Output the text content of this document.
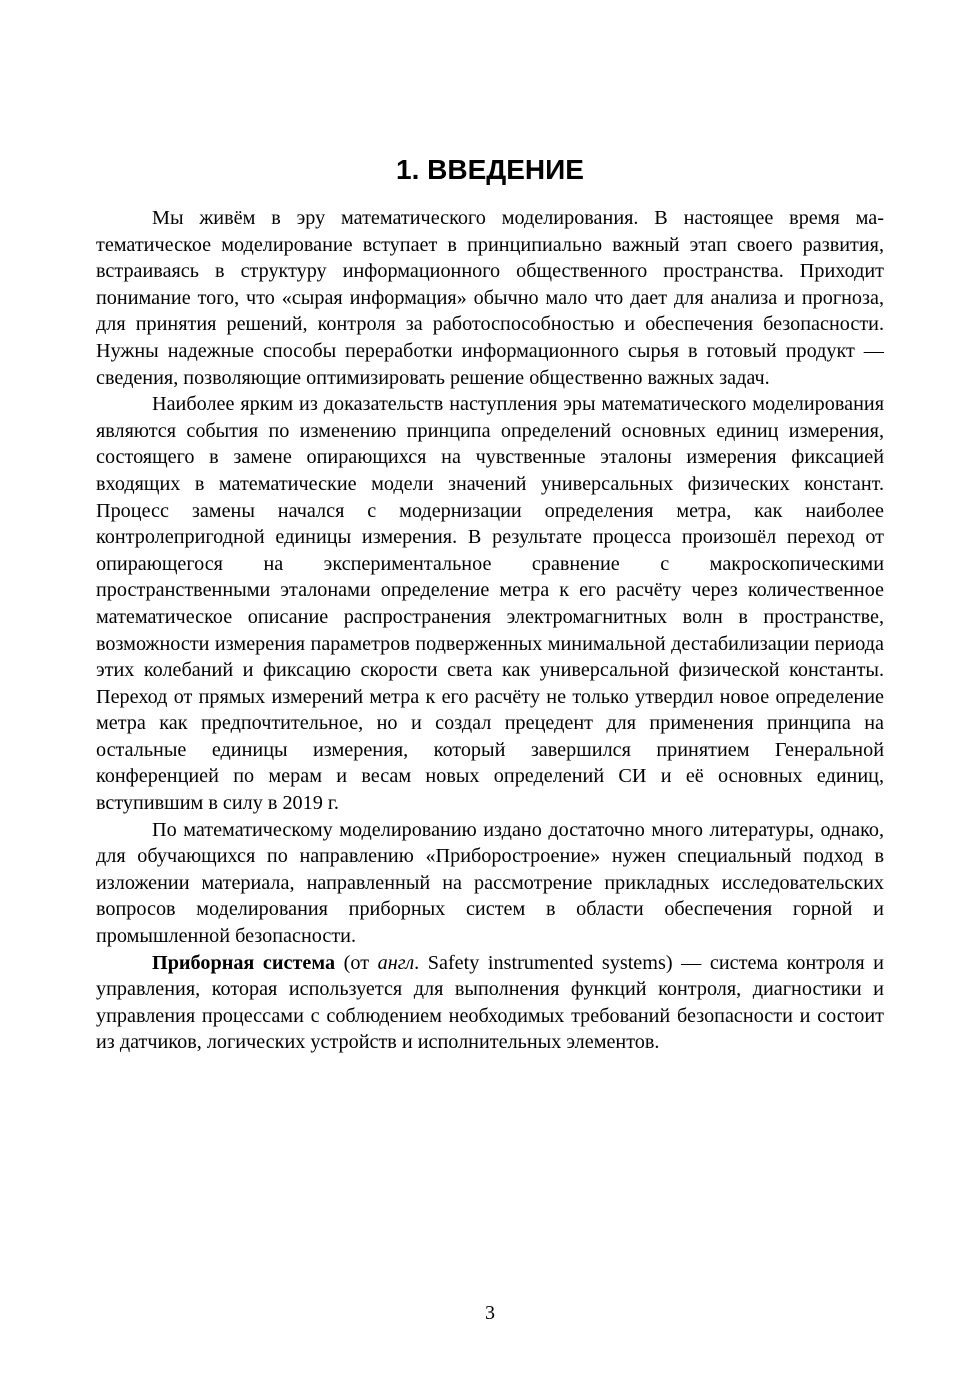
1. ВВЕДЕНИЕ

Мы живём в эру математического моделирования. В настоящее время математическое моделирование вступает в принципиально важный этап своего развития, встраиваясь в структуру информационного общественного пространства. Приходит понимание того, что «сырая информация» обычно мало что дает для анализа и прогноза, для принятия решений, контроля за работоспособностью и обеспечения безопасности. Нужны надежные способы переработки информационного сырья в готовый продукт — сведения, позволяющие оптимизировать решение общественно важных задач.

Наиболее ярким из доказательств наступления эры математического моделирования являются события по изменению принципа определений основных единиц измерения, состоящего в замене опирающихся на чувственные эталоны измерения фиксацией входящих в математические модели значений универсальных физических констант. Процесс замены начался с модернизации определения метра, как наиболее контролепригодной единицы измерения. В результате процесса произошёл переход от опирающегося на экспериментальное сравнение с макроскопическими пространственными эталонами определение метра к его расчёту через количественное математическое описание распространения электромагнитных волн в пространстве, возможности измерения параметров подверженных минимальной дестабилизации периода этих колебаний и фиксацию скорости света как универсальной физической константы. Переход от прямых измерений метра к его расчёту не только утвердил новое определение метра как предпочтительное, но и создал прецедент для применения принципа на остальные единицы измерения, который завершился принятием Генеральной конференцией по мерам и весам новых определений СИ и её основных единиц, вступившим в силу в 2019 г.

По математическому моделированию издано достаточно много литературы, однако, для обучающихся по направлению «Приборостроение» нужен специальный подход в изложении материала, направленный на рассмотрение прикладных исследовательских вопросов моделирования приборных систем в области обеспечения горной и промышленной безопасности.

Приборная система (от англ. Safety instrumented systems) — система контроля и управления, которая используется для выполнения функций контроля, диагностики и управления процессами с соблюдением необходимых требований безопасности и состоит из датчиков, логических устройств и исполнительных элементов.

3
